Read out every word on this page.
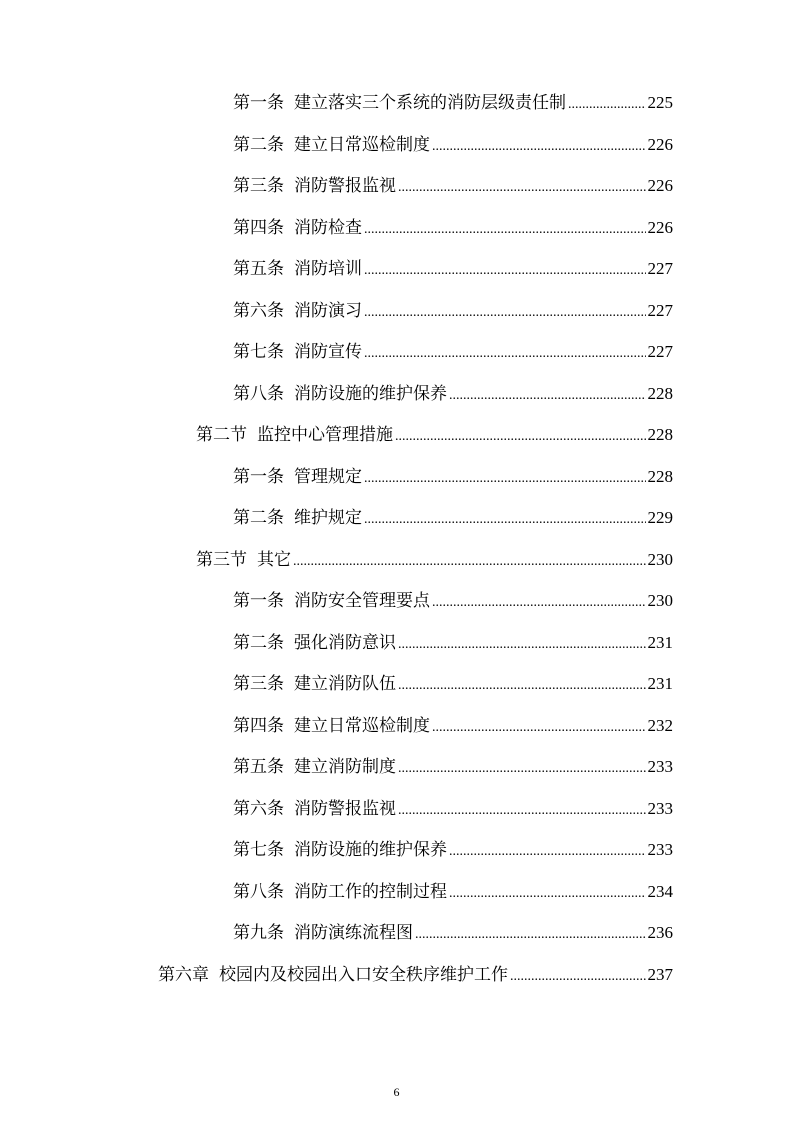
第一条 建立落实三个系统的消防层级责任制 .....	225
第二条 建立日常巡检制度 .....	226
第三条 消防警报监视 .....	226
第四条 消防检查 .....	226
第五条 消防培训 .....	227
第六条 消防演习 .....	227
第七条 消防宣传 .....	227
第八条 消防设施的维护保养 .....	228
第二节 监控中心管理措施 .....	228
第一条 管理规定 .....	228
第二条 维护规定 .....	229
第三节 其它 .....	230
第一条 消防安全管理要点 .....	230
第二条 强化消防意识 .....	231
第三条 建立消防队伍 .....	231
第四条 建立日常巡检制度 .....	232
第五条 建立消防制度 .....	233
第六条 消防警报监视 .....	233
第七条 消防设施的维护保养 .....	233
第八条 消防工作的控制过程 .....	234
第九条 消防演练流程图 .....	236
第六章 校园内及校园出入口安全秩序维护工作 .....	237
6
